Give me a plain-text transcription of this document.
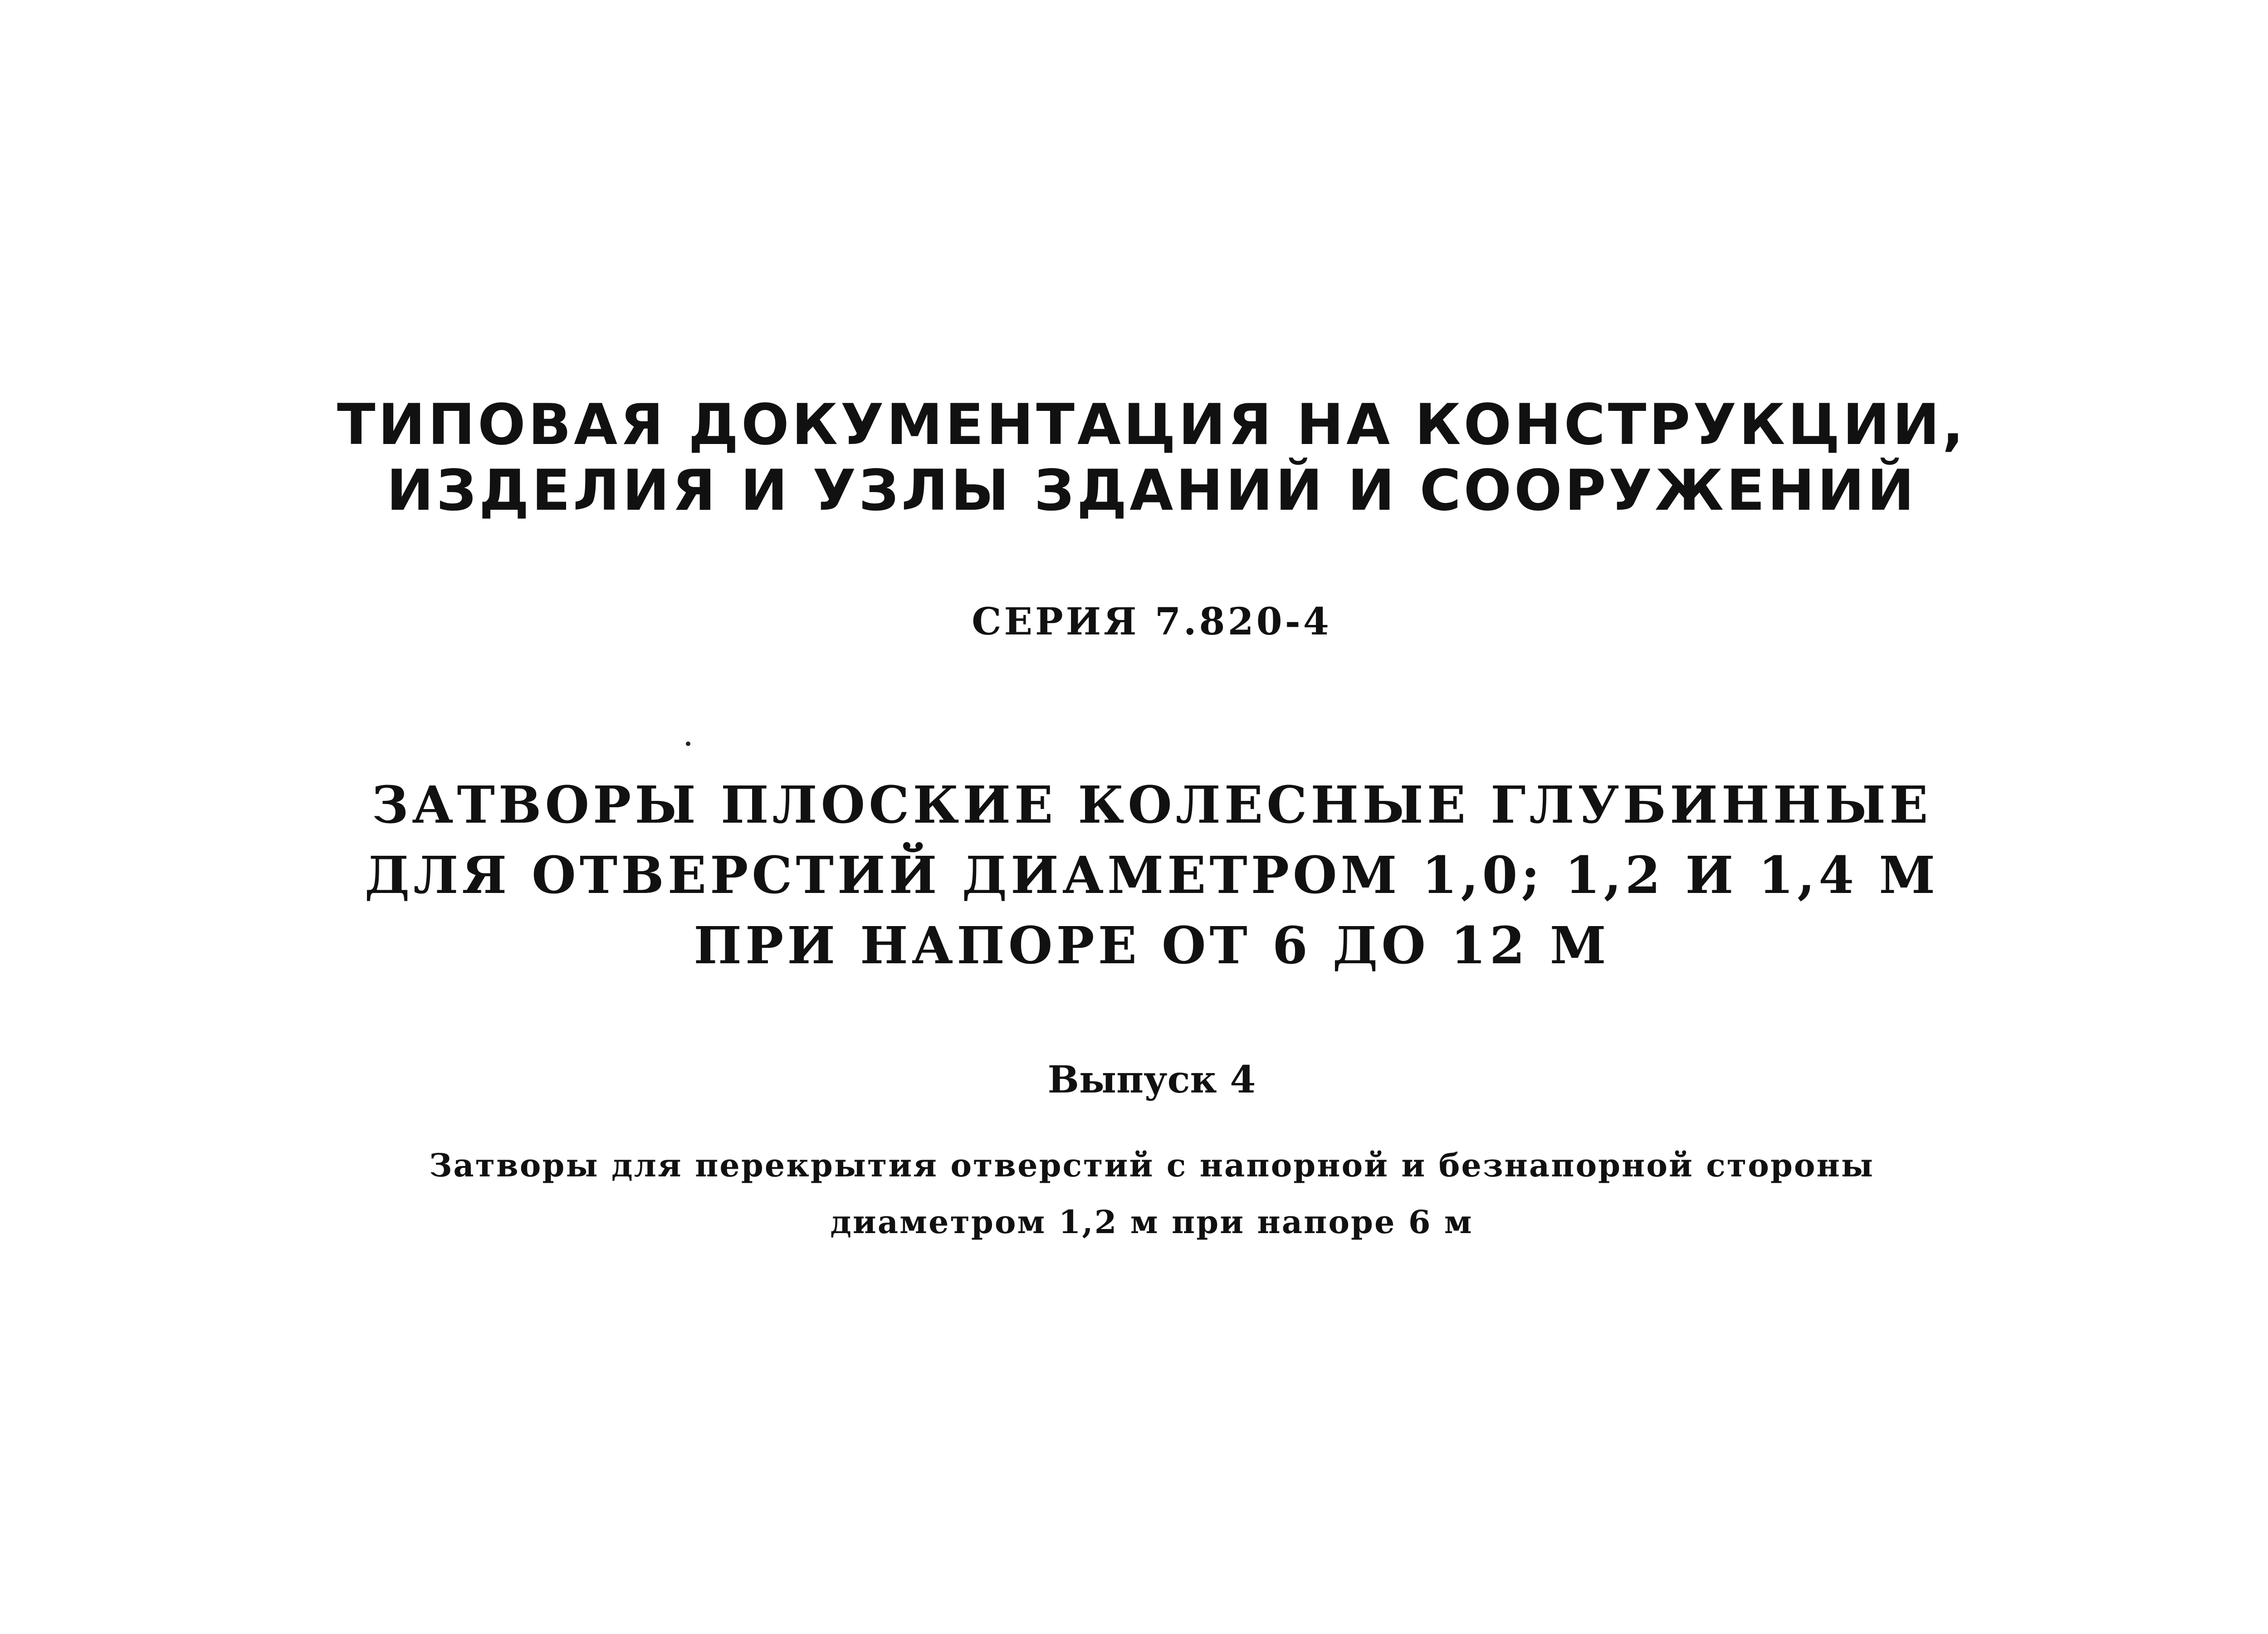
ТИПОВАЯ ДОКУМЕНТАЦИЯ НА КОНСТРУКЦИИ,
ИЗДЕЛИЯ И УЗЛЫ ЗДАНИЙ И СООРУЖЕНИЙ
СЕРИЯ 7.820-4
ЗАТВОРЫ ПЛОСКИЕ КОЛЕСНЫЕ ГЛУБИННЫЕ
ДЛЯ ОТВЕРСТИЙ ДИАМЕТРОМ 1,0; 1,2 И 1,4 М
ПРИ НАПОРЕ ОТ 6 ДО 12 М
Выпуск 4
Затворы для перекрытия отверстий с напорной и безнапорной стороны
диаметром 1,2 м при напоре 6 м
